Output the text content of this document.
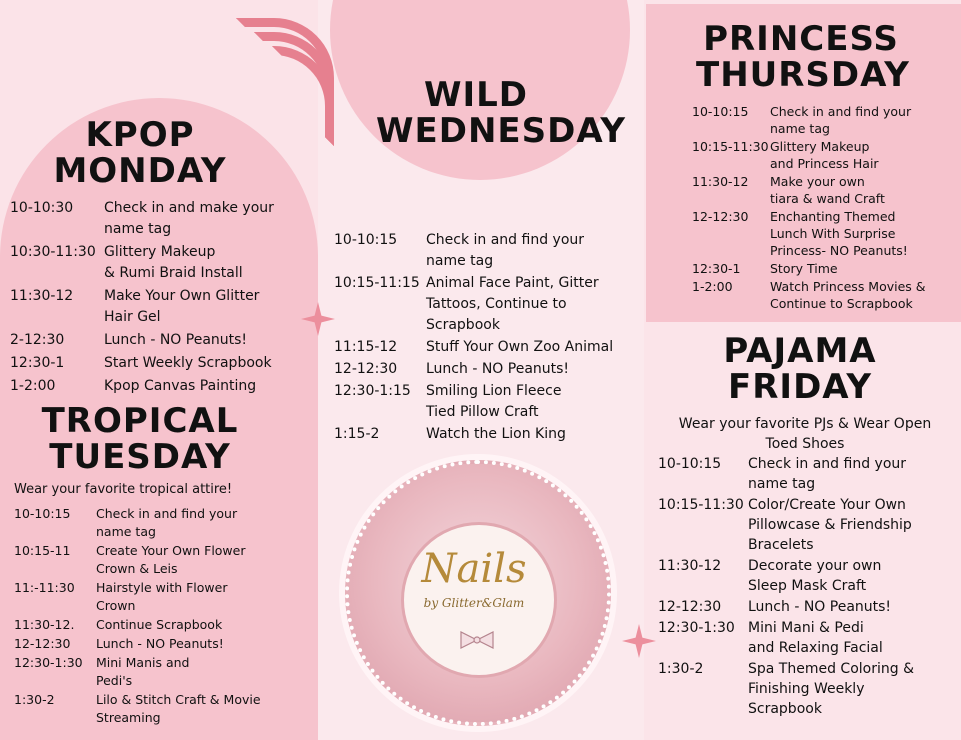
KPOP
MONDAY
10-10:30 Check in and make your
name tag
10:30-11:30 Glittery Makeup
& Rumi Braid Install
11:30-12 Make Your Own Glitter
Hair Gel
2-12:30	Lunch - NO Peanuts!
12:30-1	Start Weekly Scrapbook
1-2:00	Kpop Canvas Painting
TROPICAL
TUESDAY
Wear your favorite tropical attire!
10-10:15 Check in and find your
name tag
10:15-11 Create Your Own Flower
Crown & Leis
11:-11:30 Hairstyle with Flower
Crown
11:30-12. Continue Scrapbook
12-12:30 Lunch - NO Peanuts!
12:30-1:30 Mini Manis and
Pedi's
1:30-2	Lilo & Stitch Craft & Movie
Streaming
WILD
WEDNESDAY
10-10:15 Check in and find your
name tag
10:15-11:15 Animal Face Paint, Gitter
Tattoos, Continue to
Scrapbook
11:15-12 Stuff Your Own Zoo Animal
12-12:30 Lunch - NO Peanuts!
12:30-1:15 Smiling Lion Fleece
Tied Pillow Craft
1:15-2	Watch the Lion King
PRINCESS
THURSDAY
10-10:15 Check in and find your
name tag
10:15-11:30 Glittery Makeup
and Princess Hair
11:30-12 Make your own
tiara & wand Craft
12-12:30 Enchanting Themed
Lunch With Surprise
Princess- NO Peanuts!
12:30-1 Story Time
1-2:00	Watch Princess Movies &
Continue to Scrapbook
PAJAMA
FRIDAY
Wear your favorite PJs & Wear Open
Toed Shoes
10-10:15 Check in and find your
name tag
10:15-11:30 Color/Create Your Own
Pillowcase & Friendship
Bracelets
11:30-12 Decorate your own
Sleep Mask Craft
12-12:30 Lunch - NO Peanuts!
12:30-1:30 Mini Mani & Pedi
and Relaxing Facial
1:30-2	Spa Themed Coloring &
Finishing Weekly
Scrapbook
Nails
by Glitter&Glam
